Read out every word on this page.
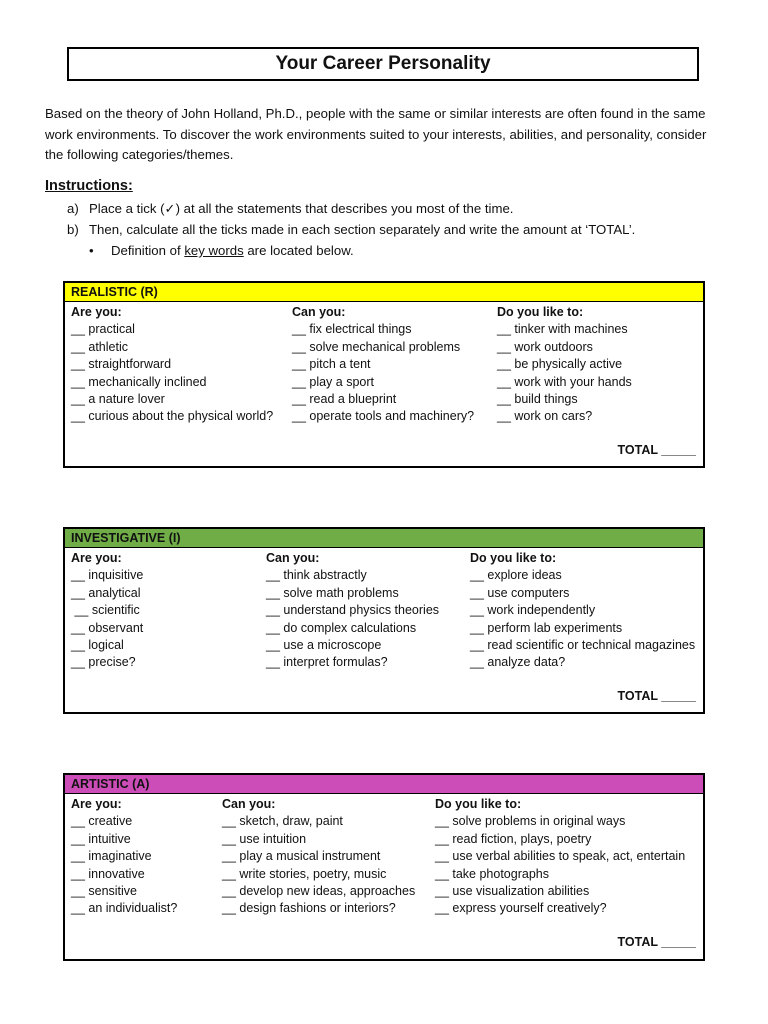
Your Career Personality
Based on the theory of John Holland, Ph.D., people with the same or similar interests are often found in the same work environments. To discover the work environments suited to your interests, abilities, and personality, consider the following categories/themes.
Instructions:
a) Place a tick (✓) at all the statements that describes you most of the time.
b) Then, calculate all the ticks made in each section separately and write the amount at ‘TOTAL’.
• Definition of key words are located below.
REALISTIC (R)
Are you:
__ practical
__ athletic
__ straightforward
__ mechanically inclined
__ a nature lover
__ curious about the physical world?
Can you:
__ fix electrical things
__ solve mechanical problems
__ pitch a tent
__ play a sport
__ read a blueprint
__ operate tools and machinery?
Do you like to:
__ tinker with machines
__ work outdoors
__ be physically active
__ work with your hands
__ build things
__ work on cars?
TOTAL _____
INVESTIGATIVE (I)
Are you:
__ inquisitive
__ analytical
__ scientific
__ observant
__ logical
__ precise?
Can you:
__ think abstractly
__ solve math problems
__ understand physics theories
__ do complex calculations
__ use a microscope
__ interpret formulas?
Do you like to:
__ explore ideas
__ use computers
__ work independently
__ perform lab experiments
__ read scientific or technical magazines
__ analyze data?
TOTAL _____
ARTISTIC (A)
Are you:
__ creative
__ intuitive
__ imaginative
__ innovative
__ sensitive
__ an individualist?
Can you:
__ sketch, draw, paint
__ use intuition
__ play a musical instrument
__ write stories, poetry, music
__ develop new ideas, approaches
__ design fashions or interiors?
Do you like to:
__ solve problems in original ways
__ read fiction, plays, poetry
__ use verbal abilities to speak, act, entertain
__ take photographs
__ use visualization abilities
__ express yourself creatively?
TOTAL _____
